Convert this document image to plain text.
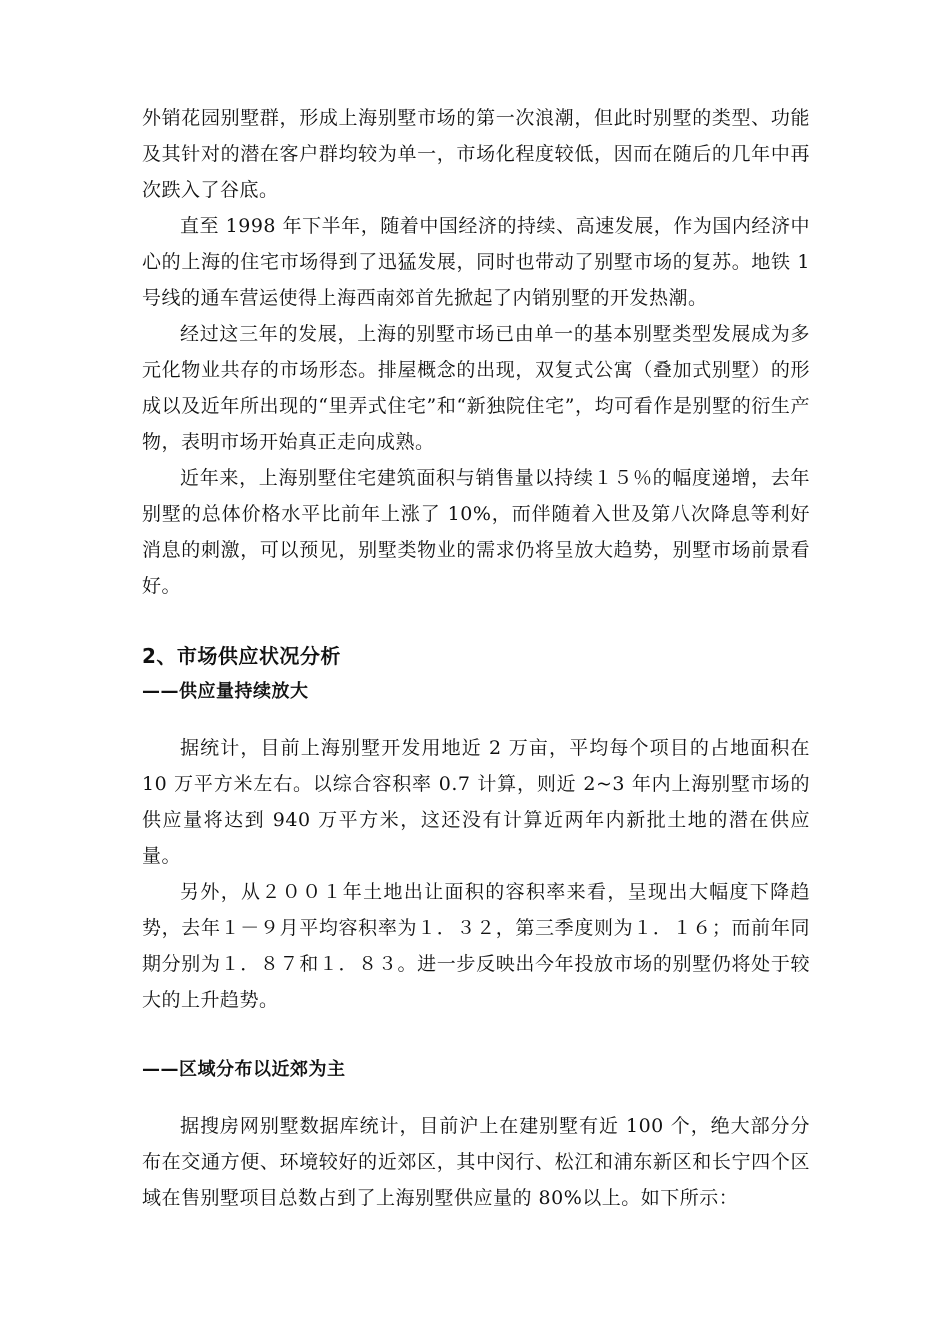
外销花园别墅群，形成上海别墅市场的第一次浪潮，但此时别墅的类型、功能及其针对的潜在客户群均较为单一，市场化程度较低，因而在随后的几年中再次跌入了谷底。

直至 1998 年下半年，随着中国经济的持续、高速发展，作为国内经济中心的上海的住宅市场得到了迅猛发展，同时也带动了别墅市场的复苏。地铁 1 号线的通车营运使得上海西南郊首先掀起了内销别墅的开发热潮。

经过这三年的发展，上海的别墅市场已由单一的基本别墅类型发展成为多元化物业共存的市场形态。排屋概念的出现，双复式公寓（叠加式别墅）的形成以及近年所出现的“里弄式住宅”和“新独院住宅”，均可看作是别墅的衍生产物，表明市场开始真正走向成熟。

近年来，上海别墅住宅建筑面积与销售量以持续１５％的幅度递增，去年别墅的总体价格水平比前年上涨了 10%，而伴随着入世及第八次降息等利好消息的刺激，可以预见，别墅类物业的需求仍将呈放大趋势，别墅市场前景看好。

2、市场供应状况分析
——供应量持续放大

据统计，目前上海别墅开发用地近 2 万亩，平均每个项目的占地面积在 10 万平方米左右。以综合容积率 0.7 计算，则近 2~3 年内上海别墅市场的供应量将达到 940 万平方米，这还没有计算近两年内新批土地的潜在供应量。

另外，从２００１年土地出让面积的容积率来看，呈现出大幅度下降趋势，去年１－９月平均容积率为１．３２，第三季度则为１．１６；而前年同期分别为１．８７和１．８３。进一步反映出今年投放市场的别墅仍将处于较大的上升趋势。

——区域分布以近郊为主

据搜房网别墅数据库统计，目前沪上在建别墅有近 100 个，绝大部分分布在交通方便、环境较好的近郊区，其中闵行、松江和浦东新区和长宁四个区域在售别墅项目总数占到了上海别墅供应量的 80%以上。如下所示：
